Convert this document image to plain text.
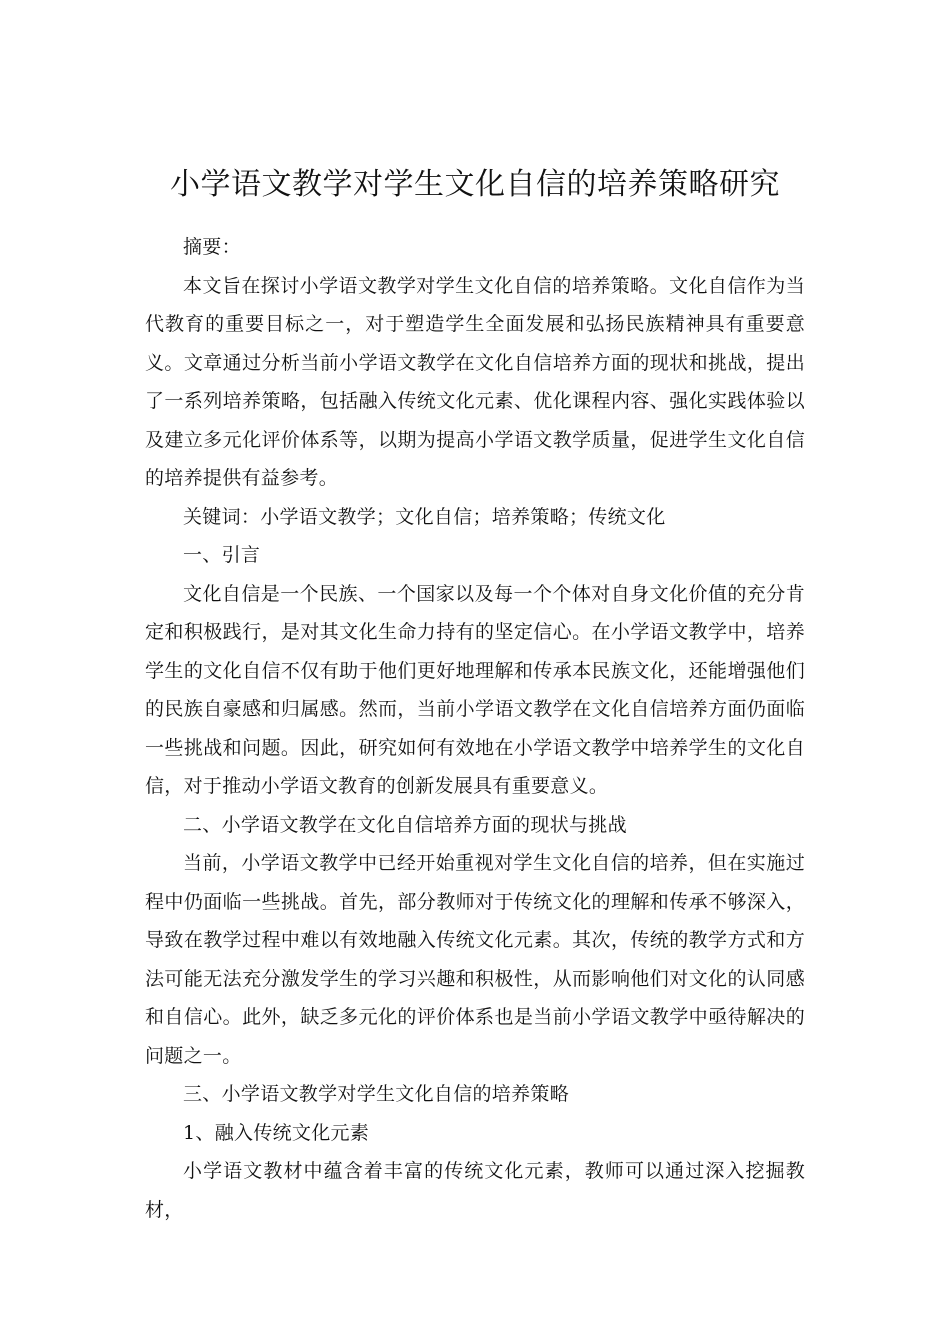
小学语文教学对学生文化自信的培养策略研究

摘要：

本文旨在探讨小学语文教学对学生文化自信的培养策略。文化自信作为当代教育的重要目标之一，对于塑造学生全面发展和弘扬民族精神具有重要意义。文章通过分析当前小学语文教学在文化自信培养方面的现状和挑战，提出了一系列培养策略，包括融入传统文化元素、优化课程内容、强化实践体验以及建立多元化评价体系等，以期为提高小学语文教学质量，促进学生文化自信的培养提供有益参考。

关键词：小学语文教学；文化自信；培养策略；传统文化

一、引言

文化自信是一个民族、一个国家以及每一个个体对自身文化价值的充分肯定和积极践行，是对其文化生命力持有的坚定信心。在小学语文教学中，培养学生的文化自信不仅有助于他们更好地理解和传承本民族文化，还能增强他们的民族自豪感和归属感。然而，当前小学语文教学在文化自信培养方面仍面临一些挑战和问题。因此，研究如何有效地在小学语文教学中培养学生的文化自信，对于推动小学语文教育的创新发展具有重要意义。

二、小学语文教学在文化自信培养方面的现状与挑战

当前，小学语文教学中已经开始重视对学生文化自信的培养，但在实施过程中仍面临一些挑战。首先，部分教师对于传统文化的理解和传承不够深入，导致在教学过程中难以有效地融入传统文化元素。其次，传统的教学方式和方法可能无法充分激发学生的学习兴趣和积极性，从而影响他们对文化的认同感和自信心。此外，缺乏多元化的评价体系也是当前小学语文教学中亟待解决的问题之一。

三、小学语文教学对学生文化自信的培养策略

1、融入传统文化元素

小学语文教材中蕴含着丰富的传统文化元素，教师可以通过深入挖掘教材，
